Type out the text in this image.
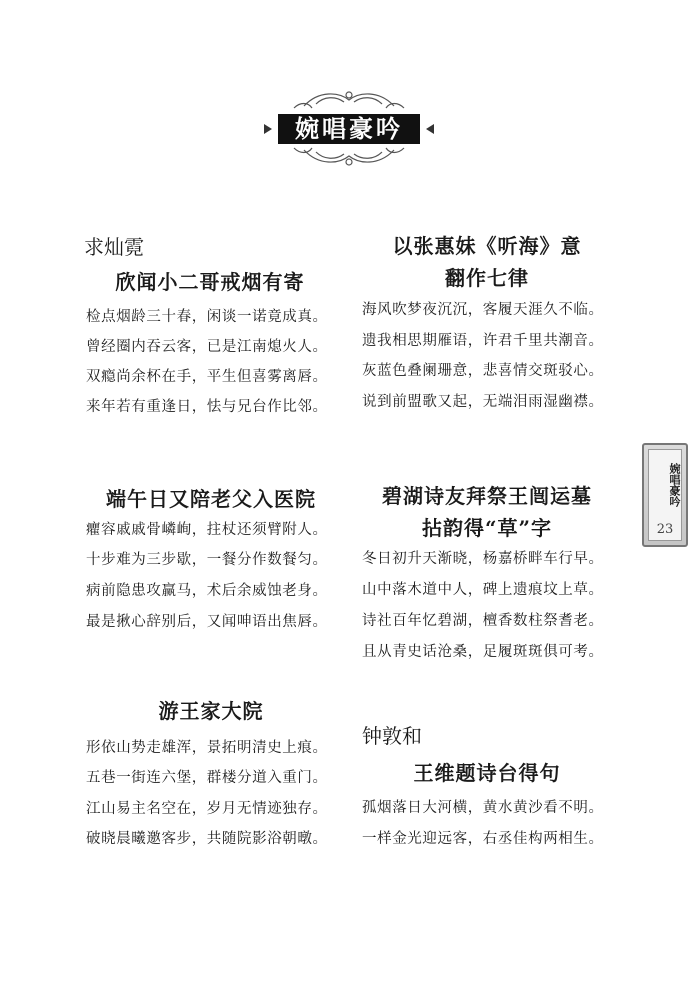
婉唱豪吟
求灿霓
欣闻小二哥戒烟有寄
检点烟龄三十春，闲谈一诺竟成真。
曾经圈内吞云客，已是江南熄火人。
双瘾尚余杯在手，平生但喜雾离唇。
来年若有重逢日，怯与兄台作比邻。
以张惠妹《听海》意
翻作七律
海风吹梦夜沉沉，客履天涯久不临。
遗我相思期雁语，许君千里共潮音。
灰蓝色叠阑珊意，悲喜情交斑驳心。
说到前盟歌又起，无端泪雨湿幽襟。
端午日又陪老父入医院
癯容戚戚骨嶙峋，拄杖还须臂附人。
十步难为三步歇，一餐分作数餐匀。
病前隐患攻赢马，术后余威蚀老身。
最是揪心辞别后，又闻呻语出焦唇。
碧湖诗友拜祭王闿运墓
拈韵得“草”字
冬日初升天渐晓，杨嘉桥畔车行早。
山中落木道中人，碑上遗痕坟上草。
诗社百年忆碧湖，檀香数柱祭耆老。
且从青史话沧桑，足履斑斑俱可考。
游王家大院
形依山势走雄浑，景拓明清史上痕。
五巷一街连六堡，群楼分道入重门。
江山易主名空在，岁月无情迹独存。
破晓晨曦邀客步，共随院影浴朝暾。
钟敦和
王维题诗台得句
孤烟落日大河横，黄水黄沙看不明。
一样金光迎远客，右丞佳构两相生。
婉唱豪吟
23
